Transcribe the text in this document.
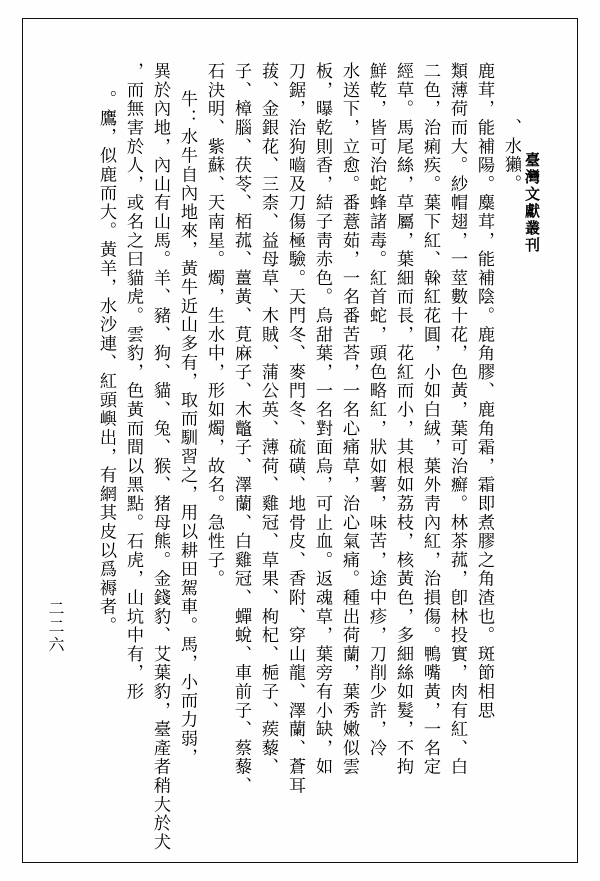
、水獺。
鹿茸，能補陽。麋茸，能補陰。鹿角膠、鹿角霜，霜即煮膠之角渣也。斑節相思
類薄荷而大。紗帽翅，一莖數十花，色黃，葉可治癬。林茶菰，卽林投實，肉有紅、白
二色，治痢疾。葉下紅、榦紅花圓，小如白絨，葉外靑內紅，治損傷。鴨嘴黃，一名定
經草。馬尾絲，草屬，葉細而長，花紅而小，其根如荔枝，核黃色，多細絲如髮，不拘
鮮乾，皆可治蛇蜂諸毒。紅首蛇，頭色略紅，狀如薯，味苦，途中疹，刀削少許，冷
水送下，立愈。番薏茹，一名番苦荅，一名心痛草，治心氣痛。種出荷蘭，葉秀嫩似雲
板，曝乾則香，結子靑赤色。烏甜葉，一名對面烏，可止血。返魂草，葉旁有小缺，如
刀鋸，治狗嚙及刀傷極驗。天門冬、麥門冬、硫磺、地骨皮、香附、穿山龍、澤蘭、蒼耳
菝、金銀花、三柰、益母草、木賊、蒲公英、薄荷、雞冠、草果、枸杞、梔子、蒺藜、
子、樟腦、茯苓、栢菰、薑黃、莧麻子、木鼈子、澤蘭、白雞冠、蟬蛻、車前子、蔡藜、
石決明、紫蘇、天南星。燭，生水中，形如燭，故名。急性子。
牛：水牛自內地來，黃牛近山多有，取而馴習之，用以耕田駕車。馬，小而力弱，
異於內地，內山有山馬。羊、豬、狗、貓、兔、猴、猪母熊。金錢豹、艾葉豹，臺產者稍大於犬
，而無害於人，或名之曰貓虎。雲豹，色黃而間以黑點。石虎，山坑中有，形
。鷹，似鹿而大。黃羊，水沙連、紅頭嶼出，有網其皮以爲褥者。	臺灣文獻叢刊
二二六
